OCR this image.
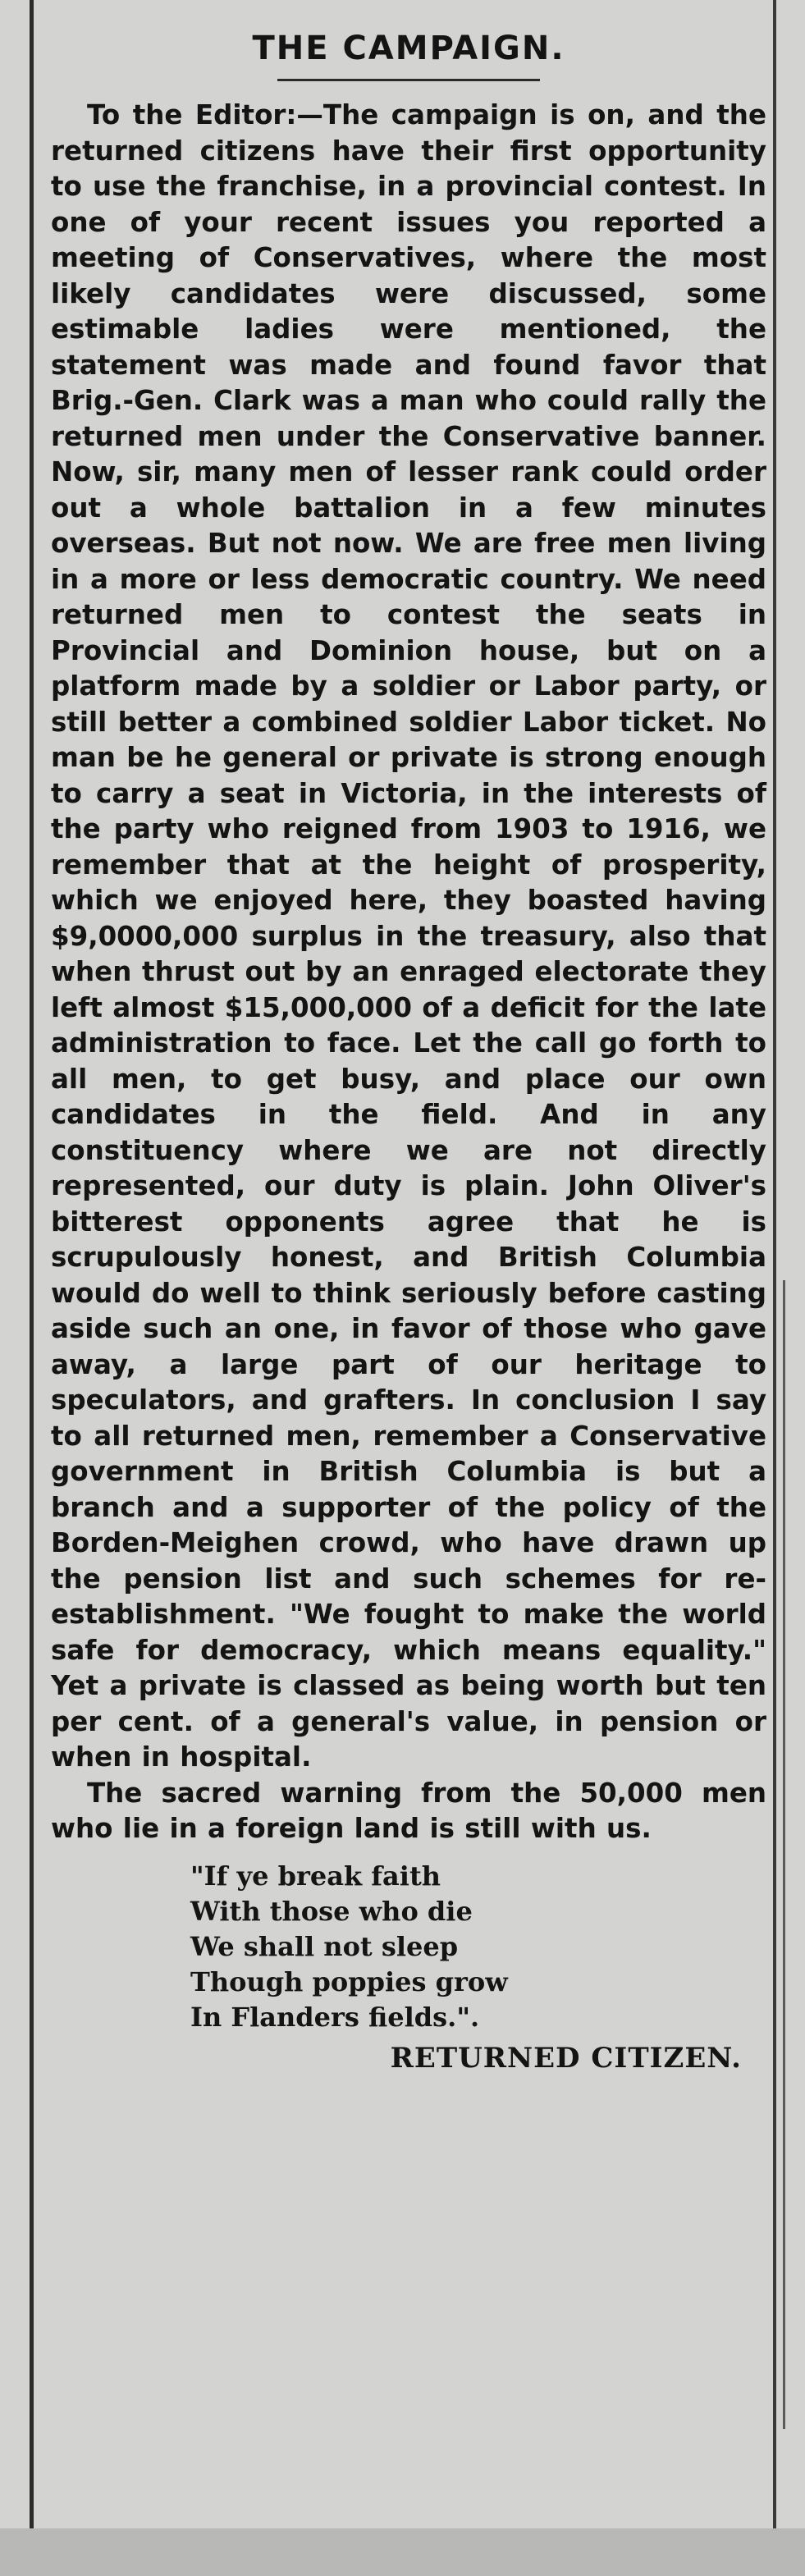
THE CAMPAIGN.

To the Editor:—The campaign is on, and the returned citizens have their first opportunity to use the franchise, in a provincial contest. In one of your recent issues you reported a meeting of Conservatives, where the most likely candidates were discussed, some estimable ladies were mentioned, the statement was made and found favor that Brig.-Gen. Clark was a man who could rally the returned men under the Conservative banner. Now, sir, many men of lesser rank could order out a whole battalion in a few minutes overseas. But not now. We are free men living in a more or less democratic country. We need returned men to contest the seats in Provincial and Dominion house, but on a platform made by a soldier or Labor party, or still better a combined soldier Labor ticket. No man be he general or private is strong enough to carry a seat in Victoria, in the interests of the party who reigned from 1903 to 1916, we remember that at the height of prosperity, which we enjoyed here, they boasted having $9,0000,000 surplus in the treasury, also that when thrust out by an enraged electorate they left almost $15,000,000 of a deficit for the late administration to face. Let the call go forth to all men, to get busy, and place our own candidates in the field. And in any constituency where we are not directly represented, our duty is plain. John Oliver's bitterest opponents agree that he is scrupulously honest, and British Columbia would do well to think seriously before casting aside such an one, in favor of those who gave away, a large part of our heritage to speculators, and grafters. In conclusion I say to all returned men, remember a Conservative government in British Columbia is but a branch and a supporter of the policy of the Borden-Meighen crowd, who have drawn up the pension list and such schemes for re-establishment. "We fought to make the world safe for democracy, which means equality." Yet a private is classed as being worth but ten per cent. of a general's value, in pension or when in hospital.

The sacred warning from the 50,000 men who lie in a foreign land is still with us.

"If ye break faith
With those who die
We shall not sleep
Though poppies grow
In Flanders fields.".

RETURNED CITIZEN.
